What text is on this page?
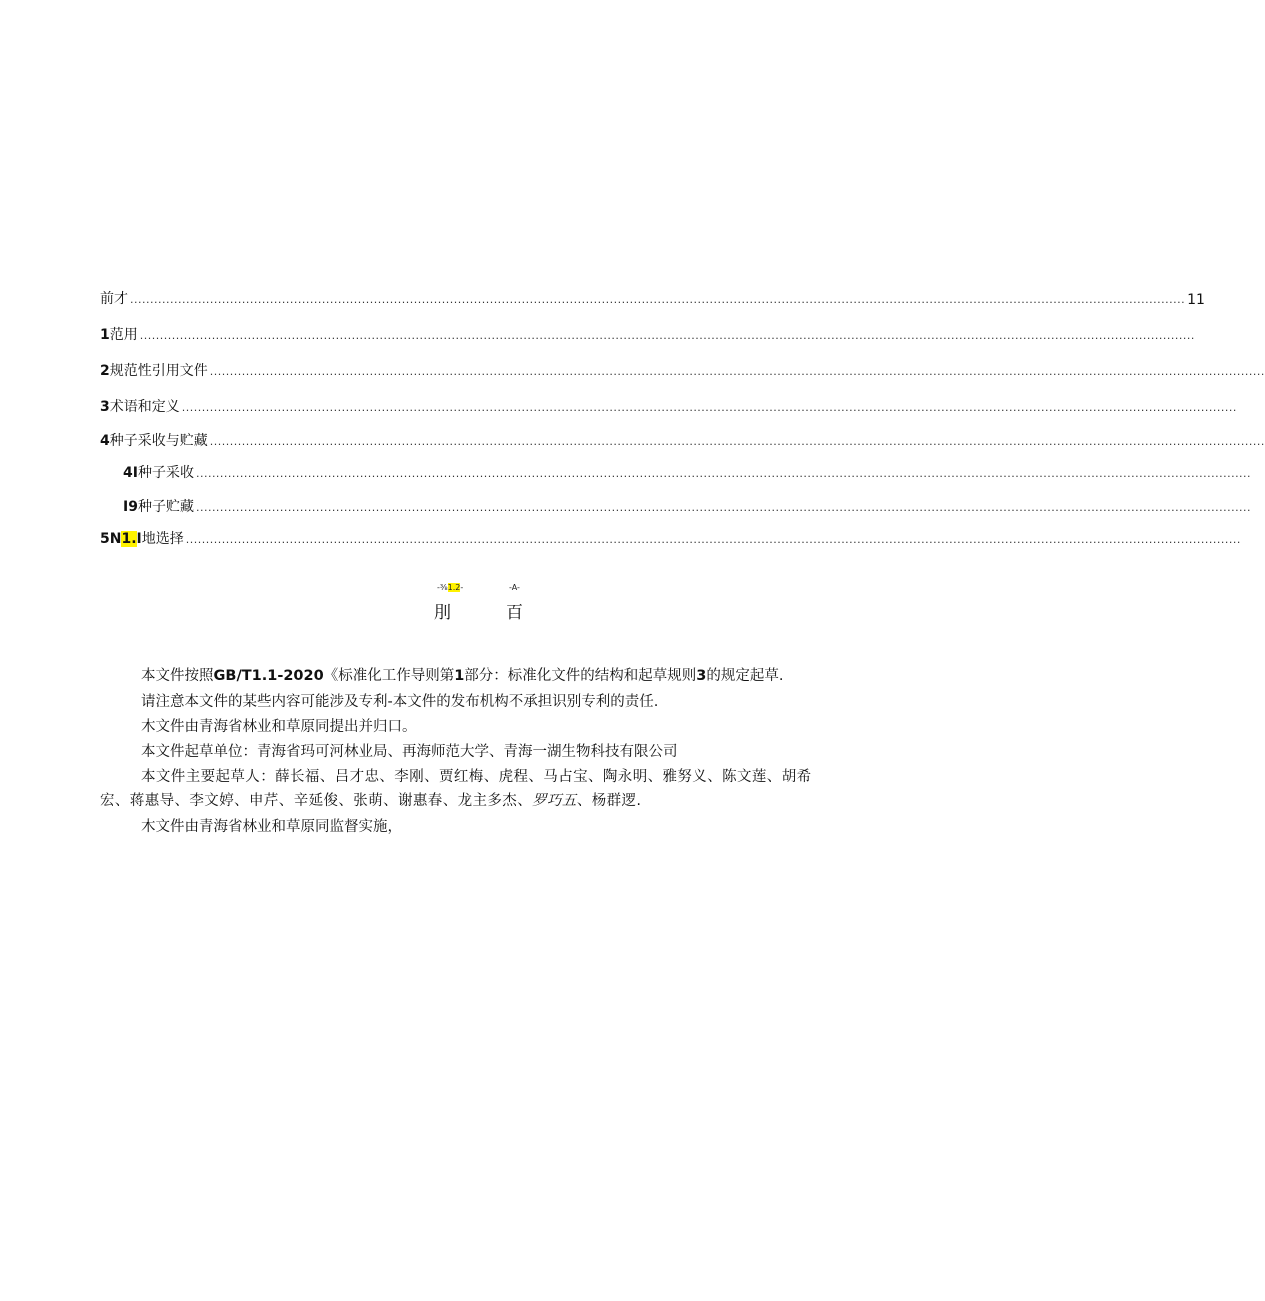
前才 ........................................................................................................................................................................................................................................................................ 11
1范用 ........................................................................................................................................................................................................................................................................
2规范性引用文件 ........................................................................................................................................................................................................................................................................
3术语和定义 ........................................................................................................................................................................................................................................................................
4种子采收与贮藏 ........................................................................................................................................................................................................................................................................
4I种子采收 ........................................................................................................................................................................................................................................................................
I9种子贮藏 ........................................................................................................................................................................................................................................................................
5N1.I地选择 ........................................................................................................................................................................................................................................................................
-⅜1.2-	-A-
刖	百
本文件按照GB/T1.1-2020《标准化工作导则第1部分：标准化文件的结构和起草规则3的规定起草.
请注意本文件的某些内容可能涉及专利-本文件的发布机构不承担识别专利的责任.
木文件由青海省林业和草原同提出并归口。
本文件起草单位：青海省玛可河林业局、再海师范大学、青海一湖生物科技有限公司
本文件主要起草人：薛长福、吕才忠、李刚、贾红梅、虎程、马占宝、陶永明、雅努义、陈文莲、胡希宏、蒋惠导、李文婷、申芹、辛延俊、张萌、谢惠春、龙主多杰、罗巧五、杨群逻.
木文件由青海省林业和草原同监督实施，
